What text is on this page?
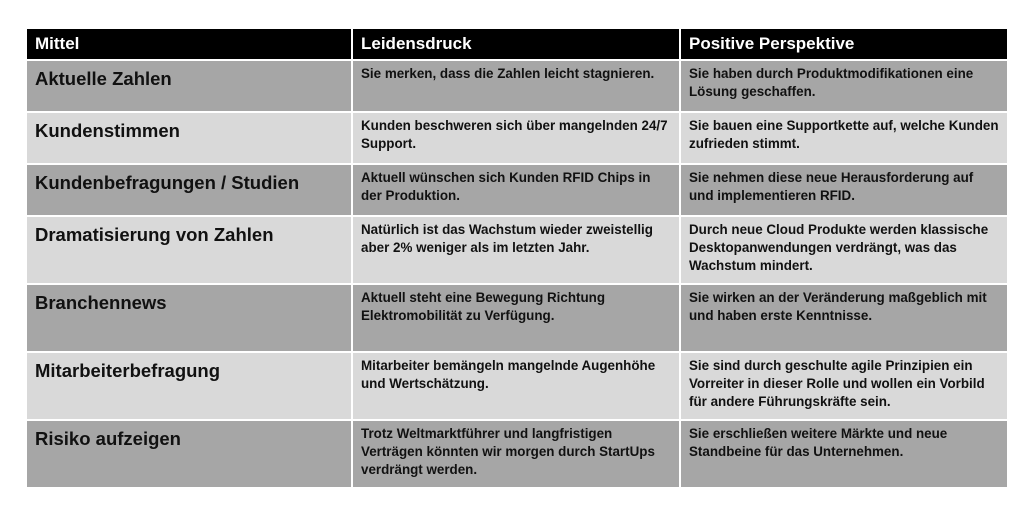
Mittel	Leidensdruck	Positive Perspektive
Aktuelle Zahlen	Sie merken, dass die Zahlen leicht stagnieren.	Sie haben durch Produktmodifikationen eine Lösung geschaffen.
Kundenstimmen	Kunden beschweren sich über mangelnden 24/7 Support.	Sie bauen eine Supportkette auf, welche Kunden zufrieden stimmt.
Kundenbefragungen / Studien	Aktuell wünschen sich Kunden RFID Chips in der Produktion.	Sie nehmen diese neue Herausforderung auf und implementieren RFID.
Dramatisierung von Zahlen	Natürlich ist das Wachstum wieder zweistellig aber 2% weniger als im letzten Jahr.	Durch neue Cloud Produkte werden klassische Desktopanwendungen verdrängt, was das Wachstum mindert.
Branchennews	Aktuell steht eine Bewegung Richtung Elektromobilität zu Verfügung.	Sie wirken an der Veränderung maßgeblich mit und haben erste Kenntnisse.
Mitarbeiterbefragung	Mitarbeiter bemängeln mangelnde Augenhöhe und Wertschätzung.	Sie sind durch geschulte agile Prinzipien ein Vorreiter in dieser Rolle und wollen ein Vorbild für andere Führungskräfte sein.
Risiko aufzeigen	Trotz Weltmarktführer und langfristigen Verträgen könnten wir morgen durch StartUps verdrängt werden.	Sie erschließen weitere Märkte und neue Standbeine für das Unternehmen.
